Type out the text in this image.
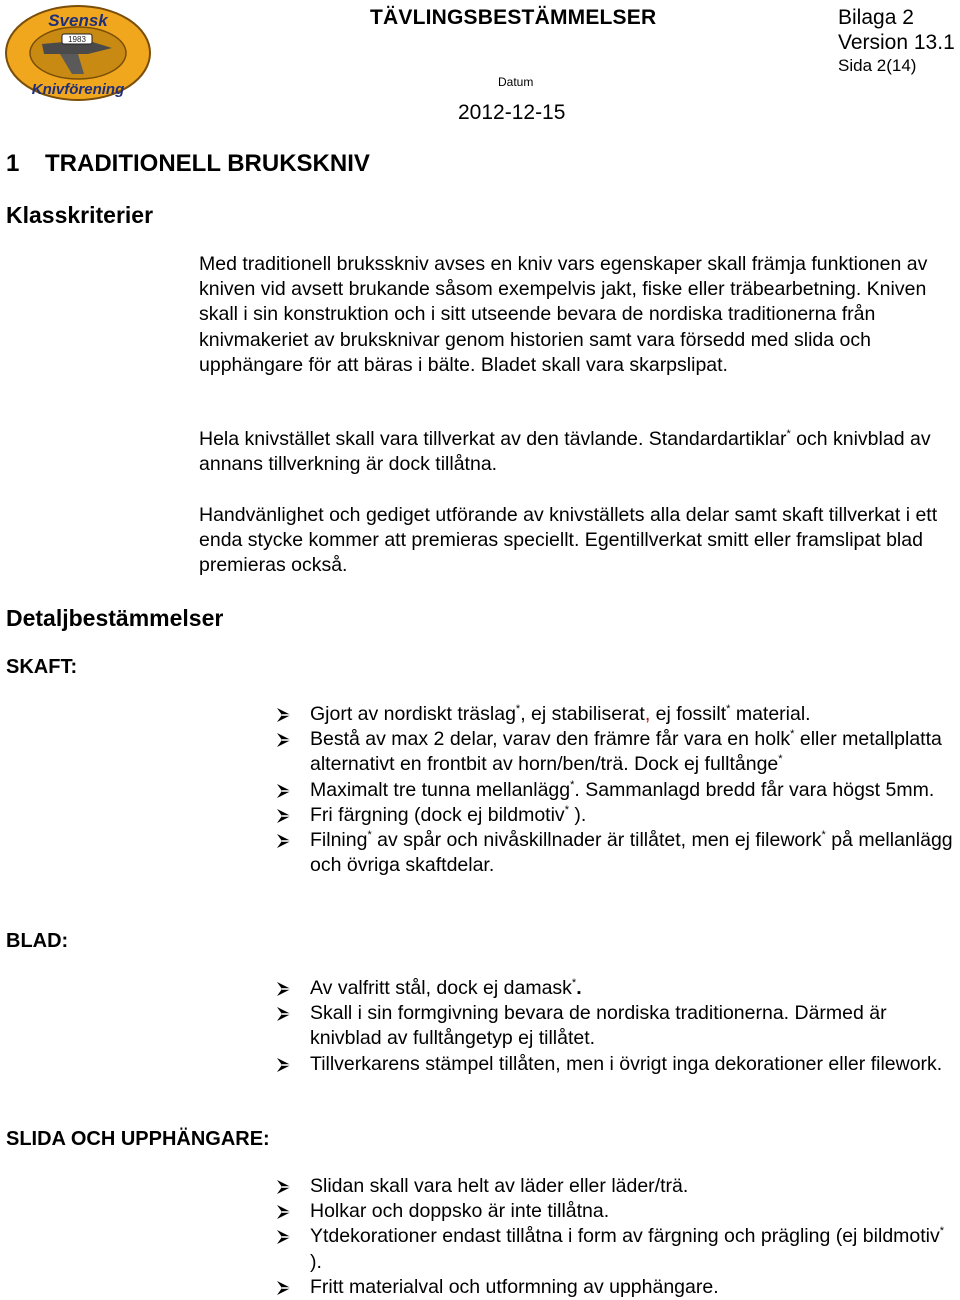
1983
Svensk
Knivförening
TÄVLINGSBESTÄMMELSER	Bilaga 2
Version 13.1
Sida 2(14)
Datum
2012-12-15
1 TRADITIONELL BRUKSKNIV
Klasskriterier

Med traditionell bruksskniv avses en kniv vars egenskaper skall främja funktionen av kniven vid avsett brukande såsom exempelvis jakt, fiske eller träbearbetning. Kniven skall i sin konstruktion och i sitt utseende bevara de nordiska traditionerna från knivmakeriet av bruksknivar genom historien samt vara försedd med slida och upphängare för att bäras i bälte. Bladet skall vara skarpslipat.

Hela knivstället skall vara tillverkat av den tävlande. Standardartiklar* och knivblad av annans tillverkning är dock tillåtna.

Handvänlighet och gediget utförande av knivställets alla delar samt skaft tillverkat i ett enda stycke kommer att premieras speciellt. Egentillverkat smitt eller framslipat blad premieras också.

Detaljbestämmelser
SKAFT:
Gjort av nordiskt träslag*, ej stabiliserat, ej fossilt* material.
Bestå av max 2 delar, varav den främre får vara en holk* eller metallplatta alternativt en frontbit av horn/ben/trä. Dock ej fulltånge*
Maximalt tre tunna mellanlägg*. Sammanlagd bredd får vara högst 5mm.
Fri färgning (dock ej bildmotiv* ).
Filning* av spår och nivåskillnader är tillåtet, men ej filework* på mellanlägg och övriga skaftdelar.
BLAD:
Av valfritt stål, dock ej damask*.
Skall i sin formgivning bevara de nordiska traditionerna. Därmed är knivblad av fulltångetyp ej tillåtet.
Tillverkarens stämpel tillåten, men i övrigt inga dekorationer eller filework.
SLIDA OCH UPPHÄNGARE:
Slidan skall vara helt av läder eller läder/trä.
Holkar och doppsko är inte tillåtna.
Ytdekorationer endast tillåtna i form av färgning och prägling (ej bildmotiv* ).
Fritt materialval och utformning av upphängare.
